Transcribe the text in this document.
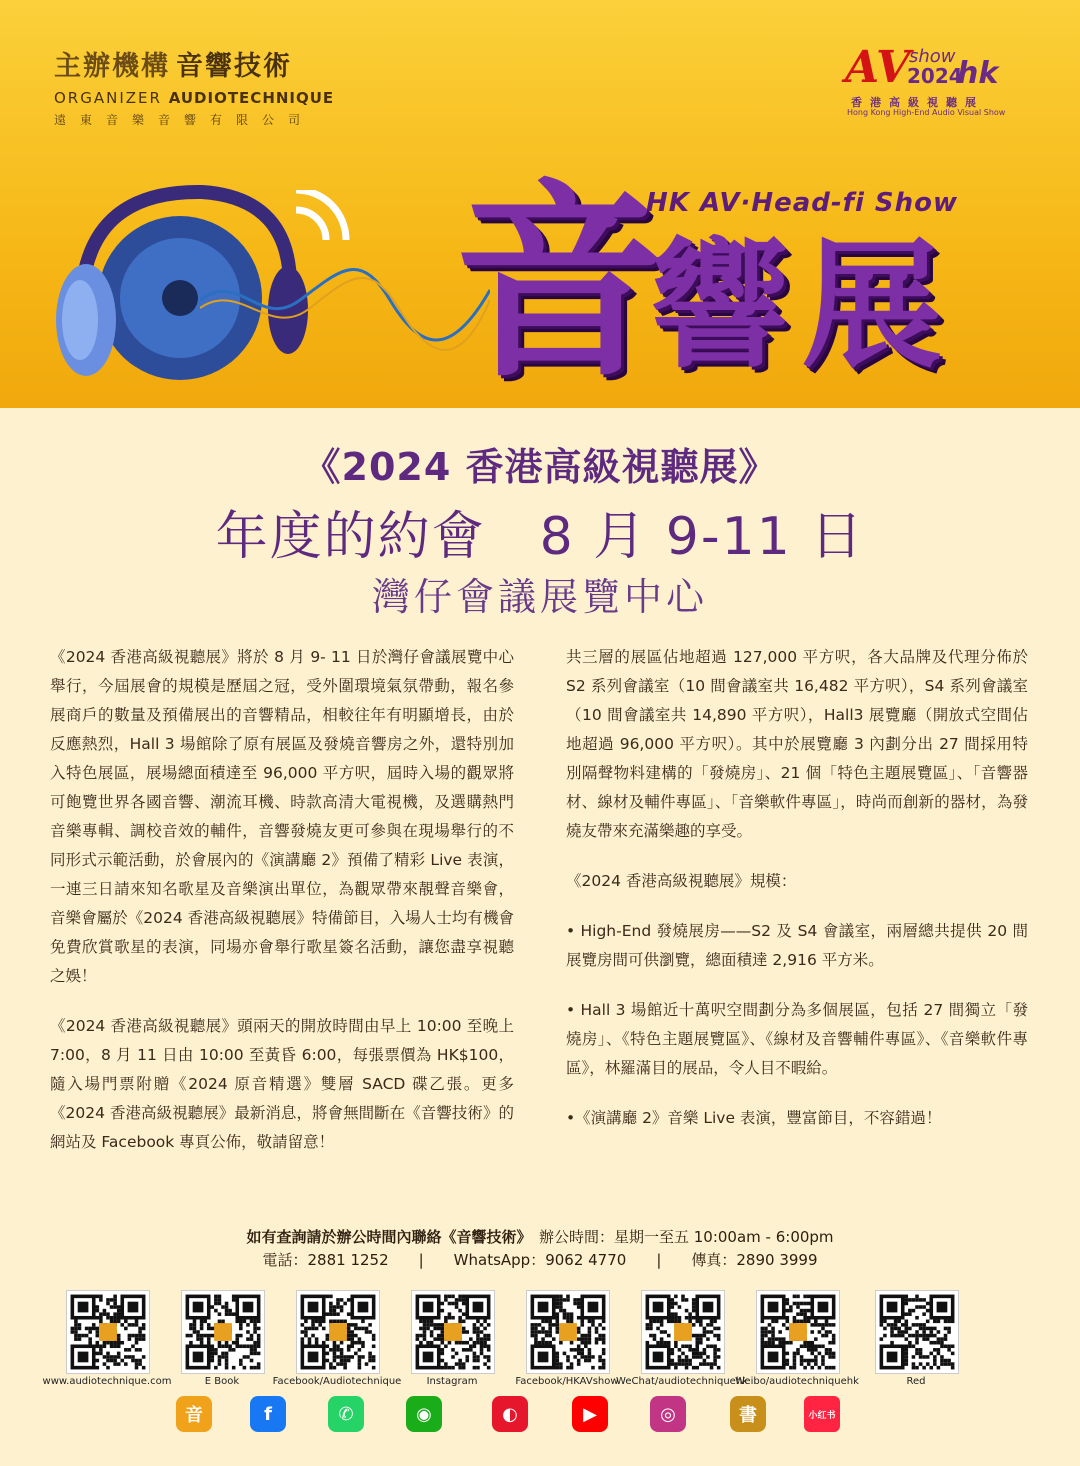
主辦機構 音響技術
ORGANIZER AUDIOTECHNIQUE
遠東音樂音響有限公司
AV
show
2024
hk
香港高級視聽展
Hong Kong High-End Audio Visual Show
HK AV·Head-fi Show
音
響 展
《2024 香港高級視聽展》
年度的約會　8 月 9-11 日
灣仔會議展覽中心

《2024 香港高級視聽展》將於 8 月 9- 11 日於灣仔會議展覽中心舉行，今屆展會的規模是歷屆之冠，受外圍環境氣氛帶動，報名參展商戶的數量及預備展出的音響精品，相較往年有明顯增長，由於反應熱烈，Hall 3 場館除了原有展區及發燒音響房之外，還特別加入特色展區，展場總面積達至 96,000 平方呎，屆時入場的觀眾將可飽覽世界各國音響、潮流耳機、時款高清大電視機，及選購熱門音樂專輯、調校音效的輔件，音響發燒友更可參與在現場舉行的不同形式示範活動，於會展內的《演講廳 2》預備了精彩 Live 表演，一連三日請來知名歌星及音樂演出單位，為觀眾帶來靚聲音樂會，音樂會屬於《2024 香港高級視聽展》特備節目，入場人士均有機會免費欣賞歌星的表演，同場亦會舉行歌星簽名活動，讓您盡享視聽之娛！

《2024 香港高級視聽展》頭兩天的開放時間由早上 10:00 至晚上 7:00，8 月 11 日由 10:00 至黃昏 6:00，每張票價為 HK$100，隨入場門票附贈《2024 原音精選》雙層 SACD 碟乙張。更多《2024 香港高級視聽展》最新消息，將會無間斷在《音響技術》的網站及 Facebook 專頁公佈，敬請留意！

共三層的展區佔地超過 127,000 平方呎，各大品牌及代理分佈於 S2 系列會議室（10 間會議室共 16,482 平方呎），S4 系列會議室（10 間會議室共 14,890 平方呎），Hall3 展覽廳（開放式空間佔地超過 96,000 平方呎）。其中於展覽廳 3 內劃分出 27 間採用特別隔聲物料建構的「發燒房」、21 個「特色主題展覽區」、「音響器材、線材及輔件專區」、「音樂軟件專區」，時尚而創新的器材，為發燒友帶來充滿樂趣的享受。

《2024 香港高級視聽展》規模：

• High-End 發燒展房——S2 及 S4 會議室，兩層總共提供 20 間展覽房間可供瀏覽，總面積達 2,916 平方米。

• Hall 3 場館近十萬呎空間劃分為多個展區，包括 27 間獨立「發燒房」、《特色主題展覽區》、《線材及音響輔件專區》、《音樂軟件專區》，林羅滿目的展品，令人目不暇給。

•《演講廳 2》音樂 Live 表演，豐富節目，不容錯過！

如有查詢請於辦公時間內聯絡《音響技術》　 辦公時間：星期一至五 10:00am - 6:00pm
電話：2881 1252　　|　　WhatsApp：9062 4770　　|　　傳真：2890 3999
www.audiotechnique.com	E Book	Facebook/Audiotechnique	Instagram	Facebook/HKAVshow
WeChat/audiotechniquehk
Weibo/audiotechniquehk	Red
音	f	✆	◉	◐	▶	◎	書	小红书
